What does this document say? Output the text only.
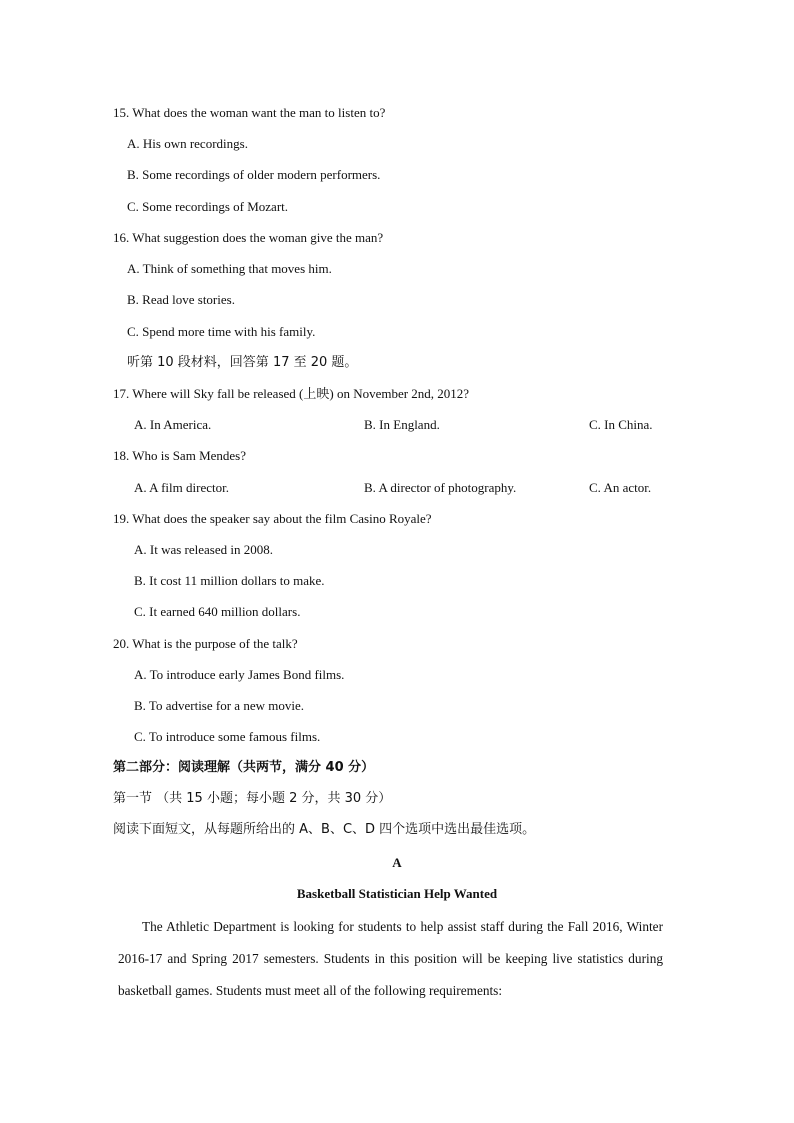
15. What does the woman want the man to listen to?
A. His own recordings.
B. Some recordings of older modern performers.
C. Some recordings of Mozart.
16. What suggestion does the woman give the man?
A. Think of something that moves him.
B. Read love stories.
C. Spend more time with his family.
听第 10 段材料，回答第 17 至 20 题。
17. Where will Sky fall be released (上映) on November 2nd, 2012?
A. In America.	B. In England.	C. In China.
18. Who is Sam Mendes?
A. A film director.	B. A director of photography.	C. An actor.
19. What does the speaker say about the film Casino Royale?
A. It was released in 2008.
B. It cost 11 million dollars to make.
C. It earned 640 million dollars.
20. What is the purpose of the talk?
A. To introduce early James Bond films.
B. To advertise for a new movie.
C. To introduce some famous films.
第二部分：阅读理解（共两节，满分 40 分）
第一节 （共 15 小题；每小题 2 分，共 30 分）
阅读下面短文，从每题所给出的 A、B、C、D 四个选项中选出最佳选项。
A
Basketball Statistician Help Wanted
The Athletic Department is looking for students to help assist staff during the Fall 2016, Winter 2016-17 and Spring 2017 semesters. Students in this position will be keeping live statistics during basketball games. Students must meet all of the following requirements:
